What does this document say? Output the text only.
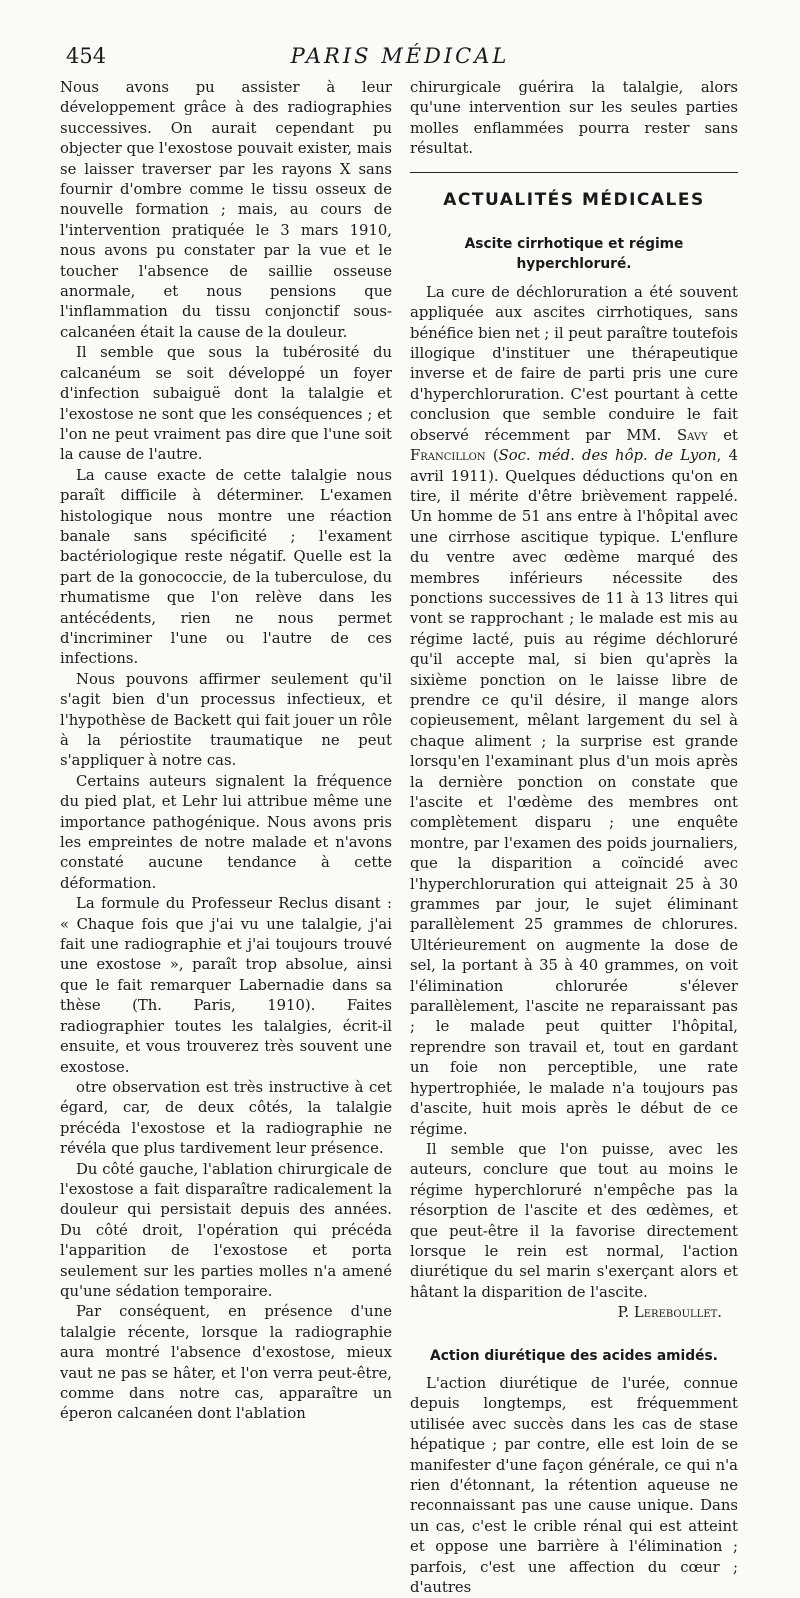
454	PARIS MÉDICAL

Nous avons pu assister à leur développement grâce à des radiographies successives. On aurait cependant pu objecter que l'exostose pouvait exister, mais se laisser traverser par les rayons X sans fournir d'ombre comme le tissu osseux de nouvelle formation ; mais, au cours de l'intervention pratiquée le 3 mars 1910, nous avons pu constater par la vue et le toucher l'absence de saillie osseuse anormale, et nous pensions que l'inflammation du tissu conjonctif sous-calcanéen était la cause de la douleur.

Il semble que sous la tubérosité du calcanéum se soit développé un foyer d'infection subaiguë dont la talalgie et l'exostose ne sont que les conséquences ; et l'on ne peut vraiment pas dire que l'une soit la cause de l'autre.

La cause exacte de cette talalgie nous paraît difficile à déterminer. L'examen histologique nous montre une réaction banale sans spécificité ; l'exament bactériologique reste négatif. Quelle est la part de la gonococcie, de la tuberculose, du rhumatisme que l'on relève dans les antécédents, rien ne nous permet d'incriminer l'une ou l'autre de ces infections.

Nous pouvons affirmer seulement qu'il s'agit bien d'un processus infectieux, et l'hypothèse de Backett qui fait jouer un rôle à la périostite traumatique ne peut s'appliquer à notre cas.

Certains auteurs signalent la fréquence du pied plat, et Lehr lui attribue même une importance pathogénique. Nous avons pris les empreintes de notre malade et n'avons constaté aucune tendance à cette déformation.

La formule du Professeur Reclus disant : « Chaque fois que j'ai vu une talalgie, j'ai fait une radiographie et j'ai toujours trouvé une exostose », paraît trop absolue, ainsi que le fait remarquer Labernadie dans sa thèse (Th. Paris, 1910). Faites radiographier toutes les talalgies, écrit-il ensuite, et vous trouverez très souvent une exostose.

otre observation est très instructive à cet égard, car, de deux côtés, la talalgie précéda l'exostose et la radiographie ne révéla que plus tardivement leur présence.

Du côté gauche, l'ablation chirurgicale de l'exostose a fait disparaître radicalement la douleur qui persistait depuis des années. Du côté droit, l'opération qui précéda l'apparition de l'exostose et porta seulement sur les parties molles n'a amené qu'une sédation temporaire.

Par conséquent, en présence d'une talalgie récente, lorsque la radiographie aura montré l'absence d'exostose, mieux vaut ne pas se hâter, et l'on verra peut-être, comme dans notre cas, apparaître un éperon calcanéen dont l'ablation

chirurgicale guérira la talalgie, alors qu'une intervention sur les seules parties molles enflammées pourra rester sans résultat.

ACTUALITÉS MÉDICALES
Ascite cirrhotique et régime hyperchloruré.

La cure de déchloruration a été souvent appliquée aux ascites cirrhotiques, sans bénéfice bien net ; il peut paraître toutefois illogique d'instituer une thérapeutique inverse et de faire de parti pris une cure d'hyperchloruration. C'est pourtant à cette conclusion que semble conduire le fait observé récemment par MM. Savy et Francillon (Soc. méd. des hôp. de Lyon, 4 avril 1911). Quelques déductions qu'on en tire, il mérite d'être brièvement rappelé. Un homme de 51 ans entre à l'hôpital avec une cirrhose ascitique typique. L'enflure du ventre avec œdème marqué des membres inférieurs nécessite des ponctions successives de 11 à 13 litres qui vont se rapprochant ; le malade est mis au régime lacté, puis au régime déchloruré qu'il accepte mal, si bien qu'après la sixième ponction on le laisse libre de prendre ce qu'il désire, il mange alors copieusement, mêlant largement du sel à chaque aliment ; la surprise est grande lorsqu'en l'examinant plus d'un mois après la dernière ponction on constate que l'ascite et l'œdème des membres ont complètement disparu ; une enquête montre, par l'examen des poids journaliers, que la disparition a coïncidé avec l'hyperchloruration qui atteignait 25 à 30 grammes par jour, le sujet éliminant parallèlement 25 grammes de chlorures. Ultérieurement on augmente la dose de sel, la portant à 35 à 40 grammes, on voit l'élimination chlorurée s'élever parallèlement, l'ascite ne reparaissant pas ; le malade peut quitter l'hôpital, reprendre son travail et, tout en gardant un foie non perceptible, une rate hypertrophiée, le malade n'a toujours pas d'ascite, huit mois après le début de ce régime.

Il semble que l'on puisse, avec les auteurs, conclure que tout au moins le régime hyperchloruré n'empêche pas la résorption de l'ascite et des œdèmes, et que peut-être il la favorise directement lorsque le rein est normal, l'action diurétique du sel marin s'exerçant alors et hâtant la disparition de l'ascite.

P. Lereboullet.

Action diurétique des acides amidés.

L'action diurétique de l'urée, connue depuis longtemps, est fréquemment utilisée avec succès dans les cas de stase hépatique ; par contre, elle est loin de se manifester d'une façon générale, ce qui n'a rien d'étonnant, la rétention aqueuse ne reconnaissant pas une cause unique. Dans un cas, c'est le crible rénal qui est atteint et oppose une barrière à l'élimination ; parfois, c'est une affection du cœur ; d'autres
